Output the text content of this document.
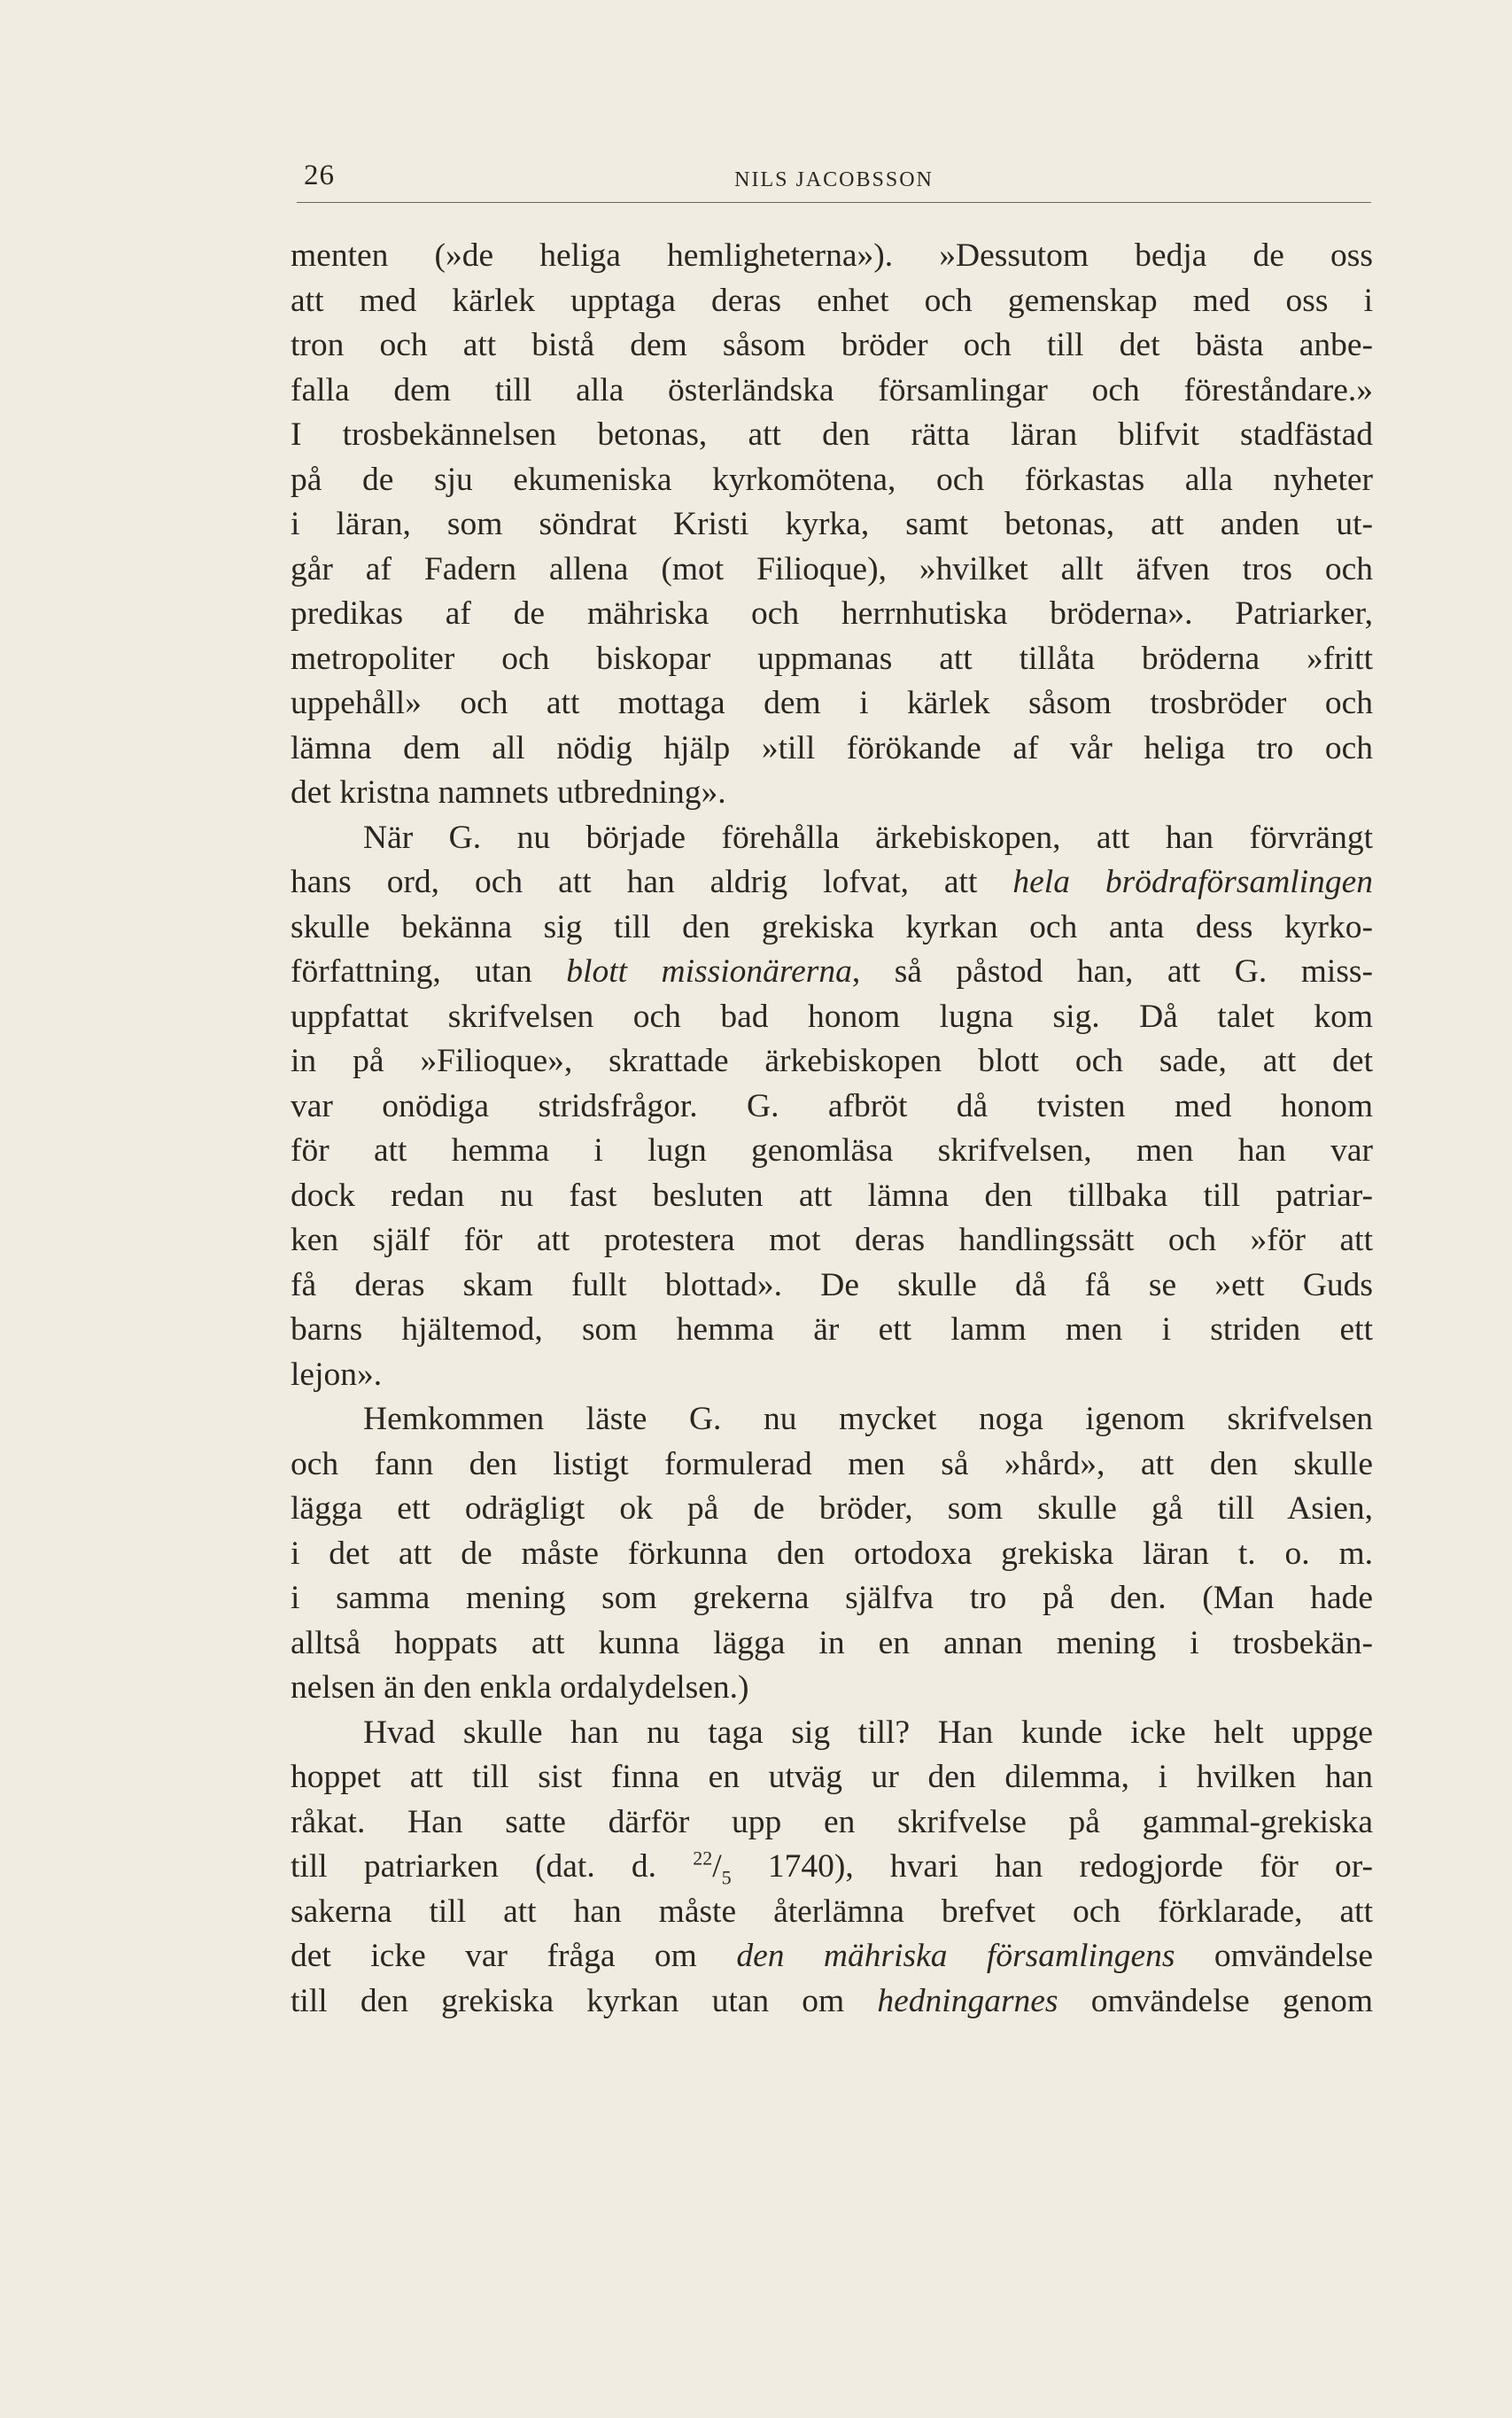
26	NILS JACOBSSON
menten (»de heliga hemligheterna»). »Dessutom bedja de oss
att med kärlek upptaga deras enhet och gemenskap med oss i
tron och att bistå dem såsom bröder och till det bästa anbe-
falla dem till alla österländska församlingar och föreståndare.»
I trosbekännelsen betonas, att den rätta läran blifvit stadfästad
på de sju ekumeniska kyrkomötena, och förkastas alla nyheter
i läran, som söndrat Kristi kyrka, samt betonas, att anden ut-
går af Fadern allena (mot Filioque), »hvilket allt äfven tros och
predikas af de mähriska och herrnhutiska bröderna». Patriarker,
metropoliter och biskopar uppmanas att tillåta bröderna »fritt
uppehåll» och att mottaga dem i kärlek såsom trosbröder och
lämna dem all nödig hjälp »till förökande af vår heliga tro och
det kristna namnets utbredning».
När G. nu började förehålla ärkebiskopen, att han förvrängt
hans ord, och att han aldrig lofvat, att hela brödraförsamlingen
skulle bekänna sig till den grekiska kyrkan och anta dess kyrko-
författning, utan blott missionärerna, så påstod han, att G. miss-
uppfattat skrifvelsen och bad honom lugna sig. Då talet kom
in på »Filioque», skrattade ärkebiskopen blott och sade, att det
var onödiga stridsfrågor. G. afbröt då tvisten med honom
för att hemma i lugn genomläsa skrifvelsen, men han var
dock redan nu fast besluten att lämna den tillbaka till patriar-
ken själf för att protestera mot deras handlingssätt och »för att
få deras skam fullt blottad». De skulle då få se »ett Guds
barns hjältemod, som hemma är ett lamm men i striden ett
lejon».
Hemkommen läste G. nu mycket noga igenom skrifvelsen
och fann den listigt formulerad men så »hård», att den skulle
lägga ett odrägligt ok på de bröder, som skulle gå till Asien,
i det att de måste förkunna den ortodoxa grekiska läran t. o. m.
i samma mening som grekerna själfva tro på den. (Man hade
alltså hoppats att kunna lägga in en annan mening i trosbekän-
nelsen än den enkla ordalydelsen.)
Hvad skulle han nu taga sig till? Han kunde icke helt uppge
hoppet att till sist finna en utväg ur den dilemma, i hvilken han
råkat. Han satte därför upp en skrifvelse på gammal-grekiska
till patriarken (dat. d. $^{22}/_5$ 1740), hvari han redogjorde för or-
sakerna till att han måste återlämna brefvet och förklarade, att
det icke var fråga om den mähriska församlingens omvändelse
till den grekiska kyrkan utan om hedningarnes omvändelse genom
